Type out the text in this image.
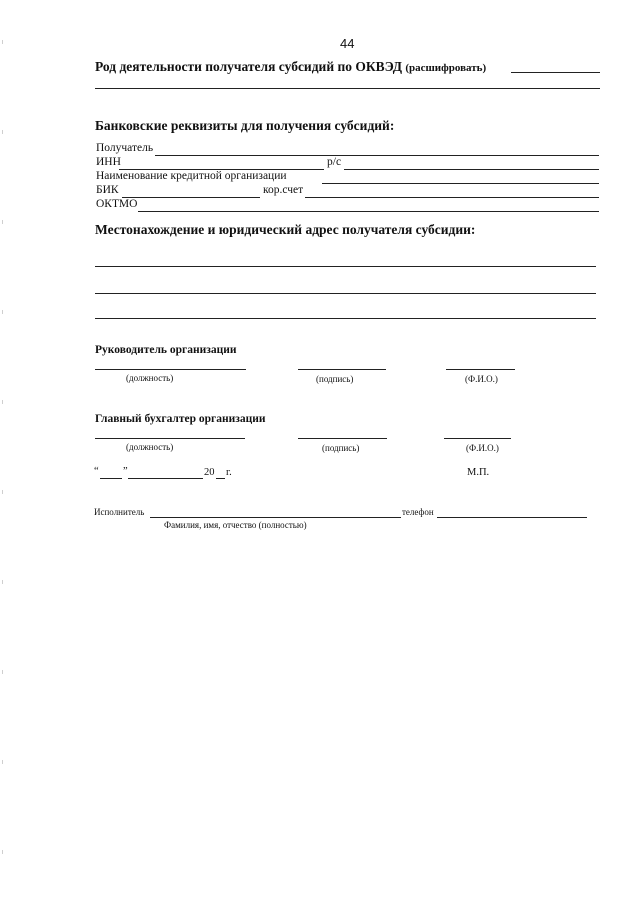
44
Род деятельности получателя субсидий по ОКВЭД (расшифровать)
Банковские реквизиты для получения субсидий:
Получатель
ИНН	р/с
Наименование кредитной организации
БИК	кор.счет
ОКТМО
Местонахождение и юридический адрес получателя субсидии:
Руководитель организации
(должность)	(подпись)	(Ф.И.О.)
Главный бухгалтер организации
(должность)	(подпись)	(Ф.И.О.)
“ ”	20 г.	М.П.
Исполнитель	телефон
Фамилия, имя, отчество (полностью)
